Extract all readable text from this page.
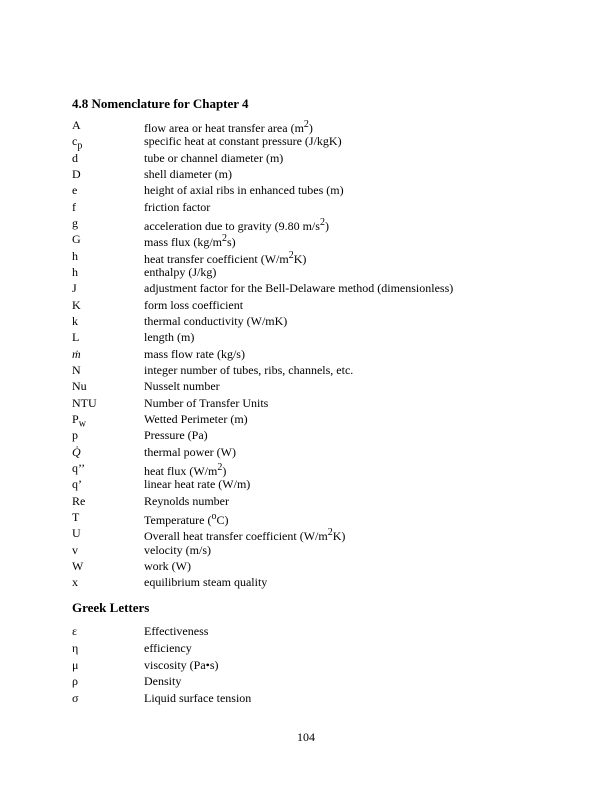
4.8 Nomenclature for Chapter 4
A	flow area or heat transfer area $(m^2)$
$c_p$	specific heat at constant pressure (J/kgK)
d	tube or channel diameter (m)
D	shell diameter (m)
e	height of axial ribs in enhanced tubes (m)
f	friction factor
g	acceleration due to gravity (9.80 $m/s^2$)
G	mass flux $(kg/m^2s)$
h	heat transfer coefficient $(W/m^2K)$
h	enthalpy (J/kg)
J	adjustment factor for the Bell-Delaware method (dimensionless)
K	form loss coefficient
k	thermal conductivity (W/mK)
L	length (m)
ṁ	mass flow rate (kg/s)
N	integer number of tubes, ribs, channels, etc.
Nu	Nusselt number
NTU	Number of Transfer Units
$P_w$	Wetted Perimeter (m)
p	Pressure (Pa)
Q̇	thermal power (W)
q’’	heat flux $(W/m^2)$
q’	linear heat rate (W/m)
Re	Reynolds number
T	Temperature ($^o$C)
U	Overall heat transfer coefficient $(W/m^2K)$
v	velocity (m/s)
W	work (W)
x	equilibrium steam quality
Greek Letters
ε	Effectiveness
η	efficiency
μ	viscosity (Pa•s)
ρ	Density
σ	Liquid surface tension
104
